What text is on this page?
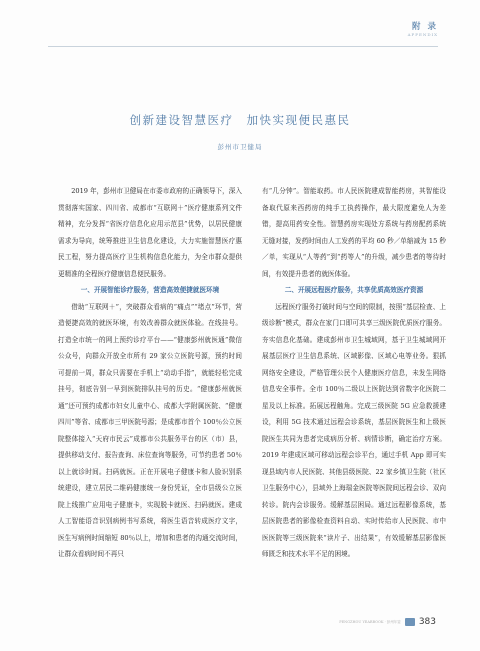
附 录
APPENDIX
创新建设智慧医疗　加快实现便民惠民
彭州市卫健局

2019 年，彭州市卫健局在市委市政府的正确领导下，深入贯彻落实国家、四川省、成都市“互联网＋”医疗健康系列文件精神，充分发挥“省医疗信息化应用示范县”优势，以居民健康需求为导向，统筹推进卫生信息化建设，大力实施智慧医疗惠民工程，努力提高医疗卫生机构信息化能力，为全市群众提供更精准的全程医疗健康信息便民服务。

一、开展智能诊疗服务，营造高效便捷就医环境

借助“互联网＋”，突破群众看病的“痛点”“堵点”环节，营造便捷高效的就医环境，有效改善群众就医体验。在线挂号。打造全市统一的网上预约诊疗平台——“健康彭州就医通”微信公众号，向群众开放全市所有 29 家公立医院号源，预约时间可提前一周，群众只需要在手机上“动动手指”，就能轻松完成挂号，彻底告别一早到医院排队挂号的历史。“健康彭州就医通”还可预约成都市妇女儿童中心、成都大学附属医院、“健康四川”等省、成都市三甲医院号源；是成都市首个 100％公立医院整体接入“天府市民云”成都市公共服务平台的区（市）县，提供移动支付、报告查询、床位查询等服务，可节约患者 50％以上就诊时间。扫码就医。正在开展电子健康卡和人脸识别系统建设，建立居民二维码健康统一身份凭证，全市县级公立医院上线推广应用电子健康卡，实现脱卡就医、扫码就医。建成人工智能语音识别病例书写系统，将医生语音转成医疗文字，医生写病例时间缩短 80％以上，增加和患者的沟通交流时间，让群众看病时间不再只

有“几分钟”。智能取药。市人民医院建成智能药房，其智能设备取代原来西药房的纯手工执药操作，最大限度避免人为差错，提高用药安全性。智慧药房实现处方系统与药房配药系统无缝对接，发药时间由人工发药的平均 60 秒／单缩减为 15 秒／单，实现从“人等药”到“药等人”的升级，减少患者的等待时间，有效提升患者的就医体验。

二、开展远程医疗服务，共享优质高效医疗资源

远程医疗服务打破时间与空间的限制，按照“基层检查、上级诊断”模式，群众在家门口即可共享三级医院优质医疗服务。夯实信息化基础。建成彭州市卫生城域网，基于卫生城域网开展基层医疗卫生信息系统、区域影像、区域心电等业务。狠抓网络安全建设，严格管理公民个人健康医疗信息，未发生网络信息安全事件。全市 100％二级以上医院达到省数字化医院二星及以上标准。拓展远程触角。完成三级医院 5G 应急救援建设，利用 5G 技术通过远程会诊系统，基层医院医生和上级医院医生共同为患者完成病历分析、病情诊断，确定治疗方案。2019 年建成区域可移动远程会诊平台，通过手机 App 即可实现县域内市人民医院、其他县级医院、22 家乡镇卫生院（社区卫生服务中心），县域外上海瑞金医院等医院间远程会诊、双向转诊。院内会诊服务。缓解基层困局。通过远程影像系统，基层医院患者的影像检查资料自动、实时传给市人民医院、市中医医院等三级医院来“读片子、出结果”，有效缓解基层影像医师匮乏和技术水平不足的困境。

PENGZHOU YEARBOOK · 彭州年鉴 383
